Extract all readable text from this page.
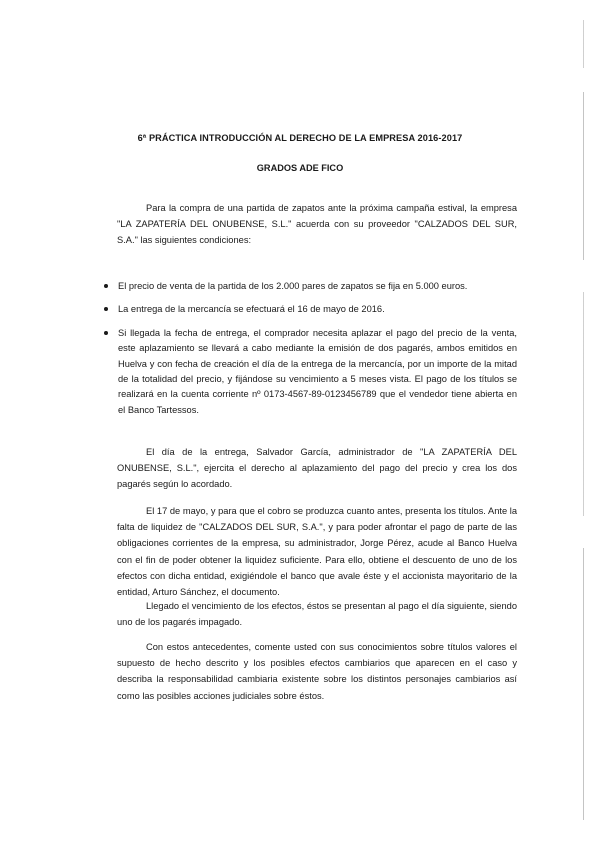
6ª PRÁCTICA INTRODUCCIÓN AL DERECHO DE LA EMPRESA 2016-2017
GRADOS ADE FICO

Para la compra de una partida de zapatos ante la próxima campaña estival, la empresa "LA ZAPATERÍA DEL ONUBENSE, S.L." acuerda con su proveedor "CALZADOS DEL SUR, S.A." las siguientes condiciones:

El precio de venta de la partida de los 2.000 pares de zapatos se fija en 5.000 euros.
La entrega de la mercancía se efectuará el 16 de mayo de 2016.
Si llegada la fecha de entrega, el comprador necesita aplazar el pago del precio de la venta, este aplazamiento se llevará a cabo mediante la emisión de dos pagarés, ambos emitidos en Huelva y con fecha de creación el día de la entrega de la mercancía, por un importe de la mitad de la totalidad del precio, y fijándose su vencimiento a 5 meses vista. El pago de los títulos se realizará en la cuenta corriente nº 0173-4567-89-0123456789 que el vendedor tiene abierta en el Banco Tartessos.

El día de la entrega, Salvador García, administrador de "LA ZAPATERÍA DEL ONUBENSE, S.L.", ejercita el derecho al aplazamiento del pago del precio y crea los dos pagarés según lo acordado.

El 17 de mayo, y para que el cobro se produzca cuanto antes, presenta los títulos. Ante la falta de liquidez de "CALZADOS DEL SUR, S.A.", y para poder afrontar el pago de parte de las obligaciones corrientes de la empresa, su administrador, Jorge Pérez, acude al Banco Huelva con el fin de poder obtener la liquidez suficiente. Para ello, obtiene el descuento de uno de los efectos con dicha entidad, exigiéndole el banco que avale éste y el accionista mayoritario de la entidad, Arturo Sánchez, el documento.

Llegado el vencimiento de los efectos, éstos se presentan al pago el día siguiente, siendo uno de los pagarés impagado.

Con estos antecedentes, comente usted con sus conocimientos sobre títulos valores el supuesto de hecho descrito y los posibles efectos cambiarios que aparecen en el caso y describa la responsabilidad cambiaria existente sobre los distintos personajes cambiarios así como las posibles acciones judiciales sobre éstos.
